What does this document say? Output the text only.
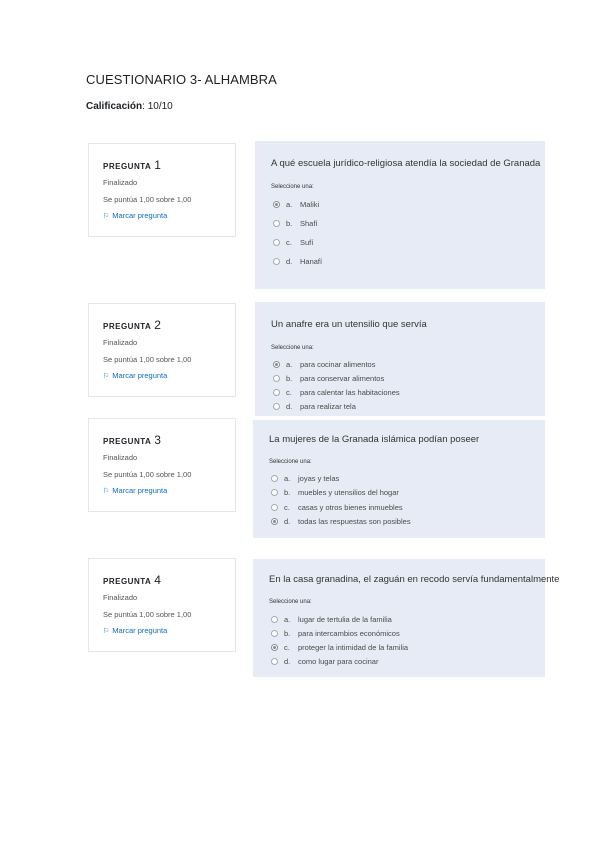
CUESTIONARIO 3- ALHAMBRA
Calificación: 10/10
PREGUNTA 1
Finalizado
Se puntúa 1,00 sobre 1,00
⚐ Marcar pregunta
A qué escuela jurídico-religiosa atendía la sociedad de Granada
Seleccione una:
a.	Maliki
b.	Shafí
c.	Sufí
d.	Hanafí
PREGUNTA 2
Finalizado
Se puntúa 1,00 sobre 1,00
⚐ Marcar pregunta
Un anafre era un utensilio que servía
Seleccione una:
a.	para cocinar alimentos
b.	para conservar alimentos
c.	para calentar las habitaciones
d.	para realizar tela
PREGUNTA 3
Finalizado
Se puntúa 1,00 sobre 1,00
⚐ Marcar pregunta
La mujeres de la Granada islámica podían poseer
Seleccione una:
a.	joyas y telas
b.	muebles y utensilios del hogar
c.	casas y otros bienes inmuebles
d.	todas las respuestas son posibles
PREGUNTA 4
Finalizado
Se puntúa 1,00 sobre 1,00
⚐ Marcar pregunta
En la casa granadina, el zaguán en recodo servía fundamentalmente
Seleccione una:
a.	lugar de tertulia de la familia
b.	para intercambios económicos
c.	proteger la intimidad de la familia
d.	como lugar para cocinar
